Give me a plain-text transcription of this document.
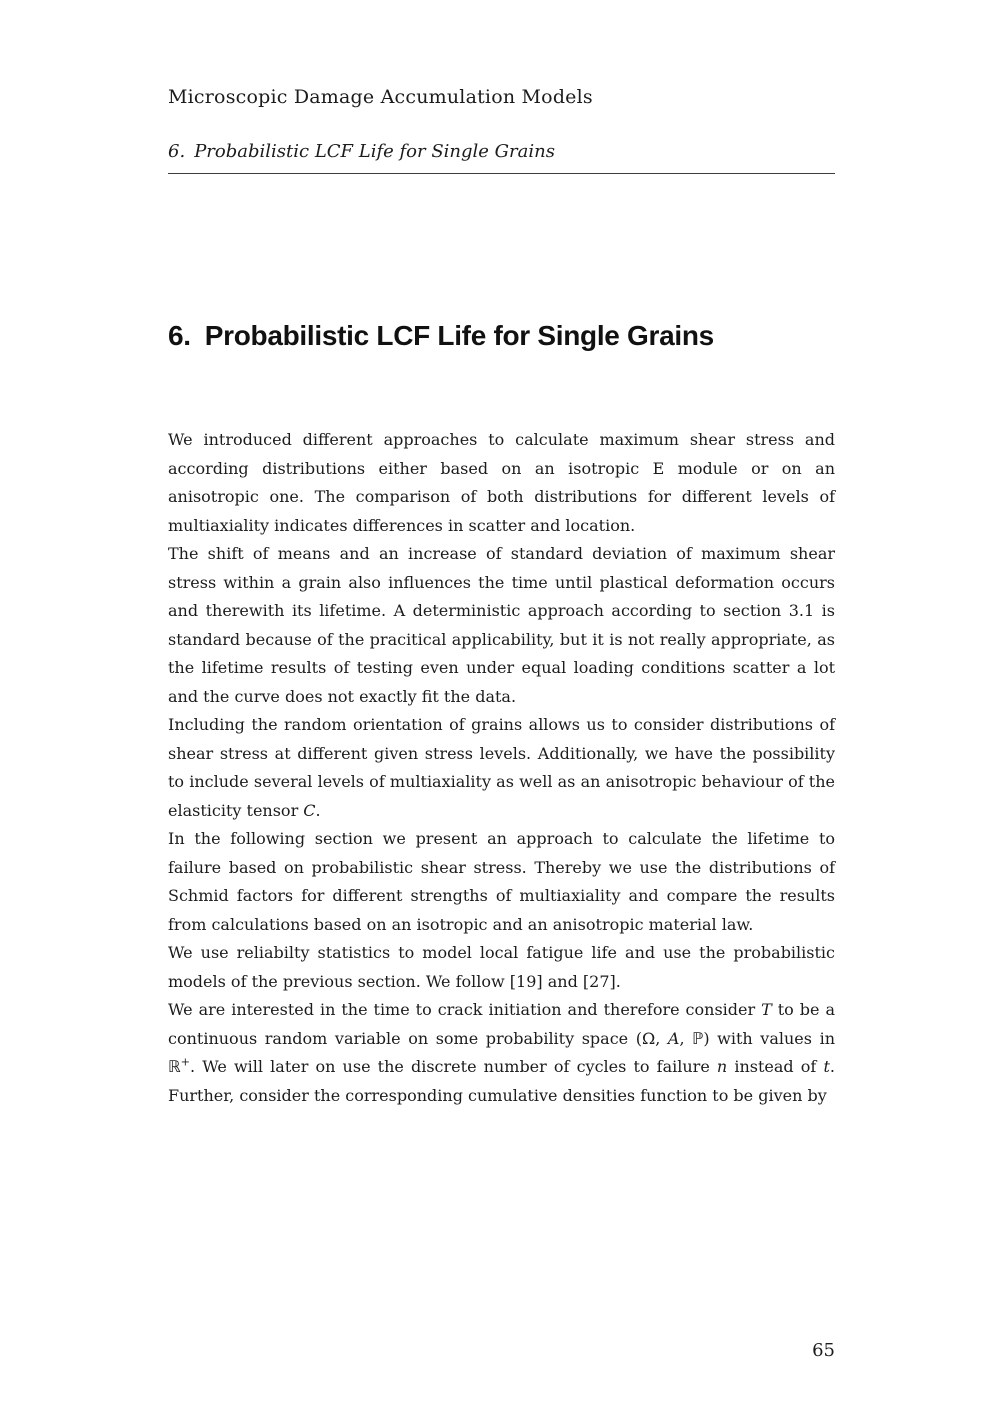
Microscopic Damage Accumulation Models
6. Probabilistic LCF Life for Single Grains
6. Probabilistic LCF Life for Single Grains

We introduced different approaches to calculate maximum shear stress and according distributions either based on an isotropic E module or on an anisotropic one. The comparison of both distributions for different levels of multiaxiality indicates differences in scatter and location.

The shift of means and an increase of standard deviation of maximum shear stress within a grain also influences the time until plastical deformation occurs and therewith its lifetime. A deterministic approach according to section 3.1 is standard because of the pracitical applicability, but it is not really appropriate, as the lifetime results of testing even under equal loading conditions scatter a lot and the curve does not exactly fit the data.

Including the random orientation of grains allows us to consider distributions of shear stress at different given stress levels. Additionally, we have the possibility to include several levels of multiaxiality as well as an anisotropic behaviour of the elasticity tensor C.

In the following section we present an approach to calculate the lifetime to failure based on probabilistic shear stress. Thereby we use the distributions of Schmid factors for different strengths of multiaxiality and compare the results from calculations based on an isotropic and an anisotropic material law.

We use reliabilty statistics to model local fatigue life and use the probabilistic models of the previous section. We follow [19] and [27].

We are interested in the time to crack initiation and therefore consider T to be a continuous random variable on some probability space (Ω, A, ℙ) with values in ℝ+. We will later on use the discrete number of cycles to failure n instead of t. Further, consider the corresponding cumulative densities function to be given by

65
